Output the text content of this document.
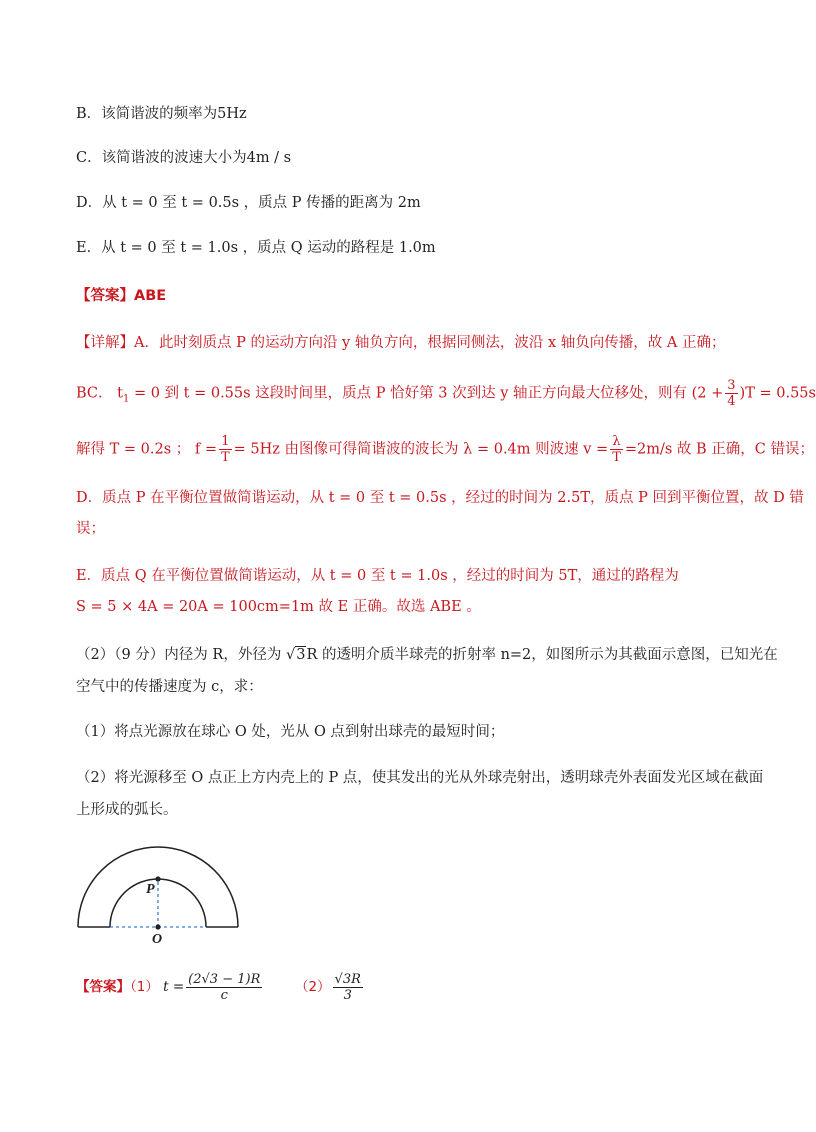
B．该简谐波的频率为5Hz
C．该简谐波的波速大小为4m / s
D．从 t = 0 至 t = 0.5s ，质点 P 传播的距离为 2m
E．从 t = 0 至 t = 1.0s ，质点 Q 运动的路程是 1.0m
【答案】ABE
【详解】A．此时刻质点 P 的运动方向沿 y 轴负方向，根据同侧法，波沿 x 轴负向传播，故 A 正确；
BC． $t_1 = 0$ 到 t = 0.55s 这段时间里，质点 P 恰好第 3 次到达 y 轴正方向最大位移处，则有 $(2 + \frac{3}{4} )T = 0.55s$
解得 T = 0.2s ； $f = \frac{1}{T} = 5Hz$ 由图像可得简谐波的波长为 λ = 0.4m 则波速 $v = \frac{\lambda}{T} =2m/s$ 故 B 正确，C 错误；
D．质点 P 在平衡位置做简谐运动，从 t = 0 至 t = 0.5s ，经过的时间为 2.5T，质点 P 回到平衡位置，故 D 错
误；
E．质点 Q 在平衡位置做简谐运动，从 t = 0 至 t = 1.0s ，经过的时间为 5T，通过的路程为
S = 5 × 4A = 20A = 100cm=1m 故 E 正确。故选 ABE 。
（2）（9 分）内径为 R，外径为 √3R 的透明介质半球壳的折射率 n=2，如图所示为其截面示意图，已知光在
空气中的传播速度为 c，求：
（1）将点光源放在球心 O 处，光从 O 点到射出球壳的最短时间；
（2）将光源移至 O 点正上方内壳上的 P 点，使其发出的光从外球壳射出，透明球壳外表面发光区域在截面
上形成的弧长。
P
O
【答案】（1） $t = \frac{(2√3 - 1)R}{c} (2) \frac{√3R}{3}$
